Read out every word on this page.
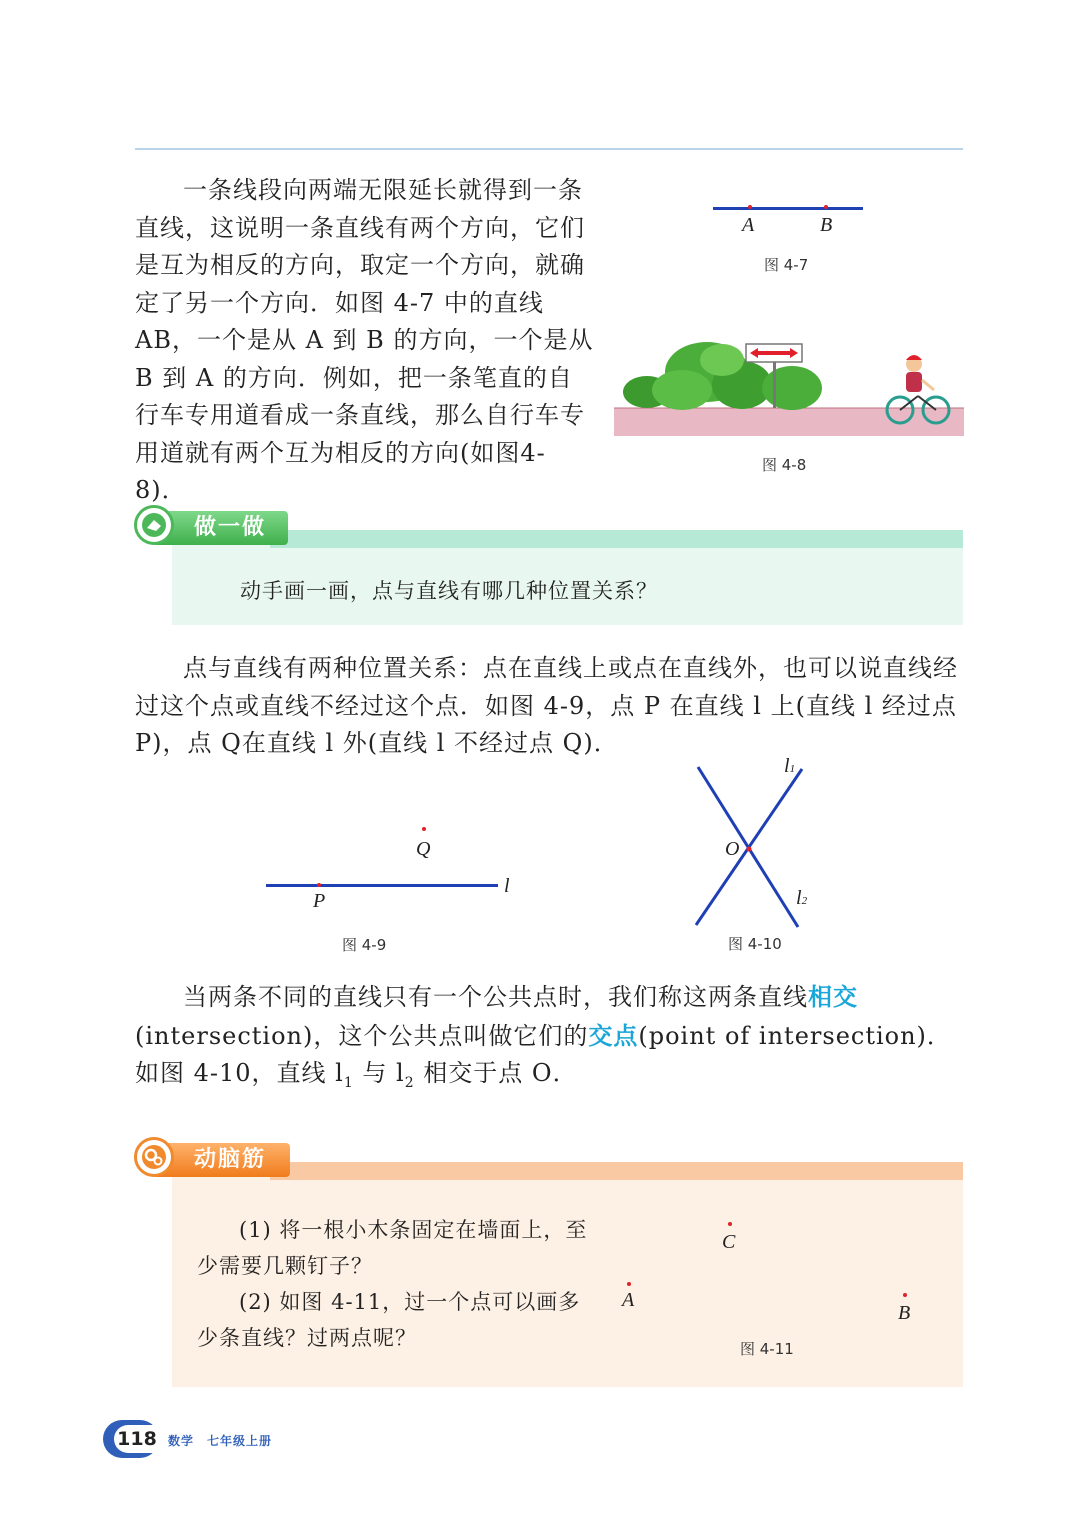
一条线段向两端无限延长就得到一条直线，这说明一条直线有两个方向，它们是互为相反的方向，取定一个方向，就确定了另一个方向．如图 4-7 中的直线 AB，一个是从 A 到 B 的方向，一个是从 B 到 A 的方向．例如，把一条笔直的自行车专用道看成一条直线，那么自行车专用道就有两个互为相反的方向(如图4-8)．
A	B
图 4-7
图 4-8
做一做
动手画一画，点与直线有哪几种位置关系？
点与直线有两种位置关系：点在直线上或点在直线外，也可以说直线经过这个点或直线不经过这个点．如图 4-9，点 P 在直线 l 上(直线 l 经过点 P)，点 Q在直线 l 外(直线 l 不经过点 Q)．
Q
P
l
图 4-9
l1
O
l2
图 4-10
当两条不同的直线只有一个公共点时，我们称这两条直线相交(intersection)，这个公共点叫做它们的交点(point of intersection)．如图 4-10，直线 $l_1$ 与 $l_2$ 相交于点 O．
动脑筋

(1) 将一根小木条固定在墙面上，至少需要几颗钉子？

(2) 如图 4-11，过一个点可以画多少条直线？过两点呢？

C
A
B
图 4-11
118 数学　七年级上册
